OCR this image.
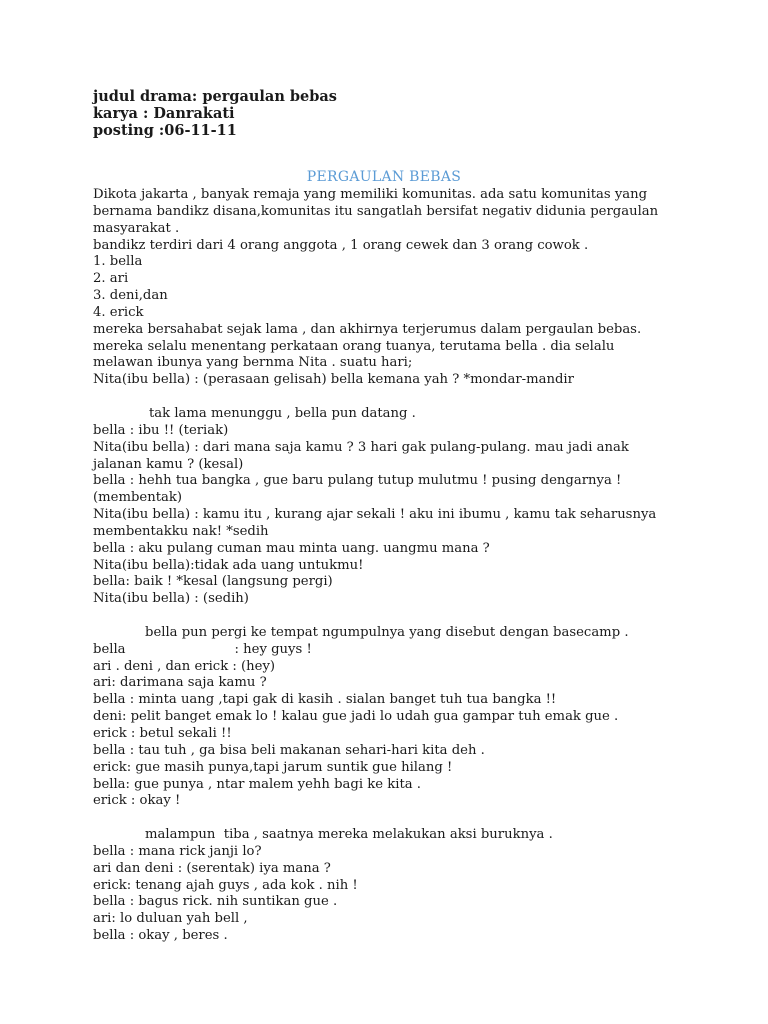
judul drama: pergaulan bebas
karya : Danrakati
posting :06-11-11
PERGAULAN BEBAS
Dikota jakarta , banyak remaja yang memiliki komunitas. ada satu komunitas yang
bernama bandikz disana,komunitas itu sangatlah bersifat negativ didunia pergaulan
masyarakat .
bandikz terdiri dari 4 orang anggota , 1 orang cewek dan 3 orang cowok .
1. bella
2. ari
3. deni,dan
4. erick
mereka bersahabat sejak lama , dan akhirnya terjerumus dalam pergaulan bebas.
mereka selalu menentang perkataan orang tuanya, terutama bella . dia selalu
melawan ibunya yang bernma Nita . suatu hari;
Nita(ibu bella) : (perasaan gelisah) bella kemana yah ? *mondar-mandir
tak lama menunggu , bella pun datang .
bella : ibu !! (teriak)
Nita(ibu bella) : dari mana saja kamu ? 3 hari gak pulang-pulang. mau jadi anak
jalanan kamu ? (kesal)
bella : hehh tua bangka , gue baru pulang tutup mulutmu ! pusing dengarnya !
(membentak)
Nita(ibu bella) : kamu itu , kurang ajar sekali ! aku ini ibumu , kamu tak seharusnya
membentakku nak! *sedih
bella : aku pulang cuman mau minta uang. uangmu mana ?
Nita(ibu bella):tidak ada uang untukmu!
bella: baik ! *kesal (langsung pergi)
Nita(ibu bella) : (sedih)
bella pun pergi ke tempat ngumpulnya yang disebut dengan basecamp .
bella                          : hey guys !
ari . deni , dan erick : (hey)
ari: darimana saja kamu ?
bella : minta uang ,tapi gak di kasih . sialan banget tuh tua bangka !!
deni: pelit banget emak lo ! kalau gue jadi lo udah gua gampar tuh emak gue .
erick : betul sekali !!
bella : tau tuh , ga bisa beli makanan sehari-hari kita deh .
erick: gue masih punya,tapi jarum suntik gue hilang !
bella: gue punya , ntar malem yehh bagi ke kita .
erick : okay !
malampun  tiba , saatnya mereka melakukan aksi buruknya .
bella : mana rick janji lo?
ari dan deni : (serentak) iya mana ?
erick: tenang ajah guys , ada kok . nih !
bella : bagus rick. nih suntikan gue .
ari: lo duluan yah bell ,
bella : okay , beres .
